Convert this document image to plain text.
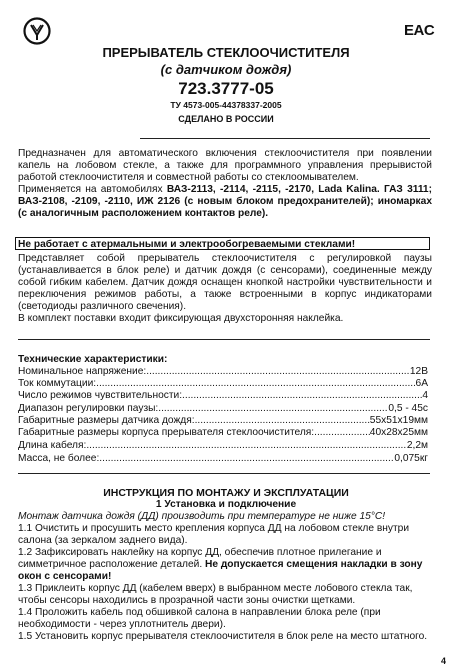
EAC
ПРЕРЫВАТЕЛЬ СТЕКЛООЧИСТИТЕЛЯ
(с датчиком дождя)
723.3777-05
ТУ 4573-005-44378337-2005
СДЕЛАНО В РОССИИ

Предназначен для автоматического включения стеклоочистителя при появлении капель на лобовом стекле, а также для программного управления прерывистой работой стеклоочистителя и совместной работы со стеклоомывателем.

Применяется на автомобилях ВАЗ-2113, -2114, -2115, -2170, Lada Kalina. ГАЗ 3111; ВАЗ-2108, -2109, -2110, ИЖ 2126 (с новым блоком предохранителей); иномарках (с аналогичным расположением контактов реле).

Не работает с атермальными и электрообогреваемыми стеклами!

Представляет собой прерыватель стеклоочистителя с регулировкой паузы (устанавливается в блок реле) и датчик дождя (с сенсорами), соединенные между собой гибким кабелем. Датчик дождя оснащен кнопкой настройки чувствительности и переключения режимов работы, а также встроенными в корпус индикаторами (светодиоды различного свечения).

В комплект поставки входит фиксирующая двухсторонняя наклейка.

Технические характеристики:
Номинальное напряжение: .....	12В
Ток коммутации: .....	6А
Число режимов чувствительности: .....	4
Диапазон регулировки паузы: .....	0,5 - 45с
Габаритные размеры датчика дождя: .....	55х51х19мм
Габаритные размеры корпуса прерывателя стеклоочистителя: .....	40х28х25мм
Длина кабеля: .....	2,2м
Масса, не более: .....	0,075кг
ИНСТРУКЦИЯ ПО МОНТАЖУ И ЭКСПЛУАТАЦИИ
1 Установка и подключение
Монтаж датчика дождя (ДД) производить при температуре не ниже 15°С!

1.1 Очистить и просушить место крепления корпуса ДД на лобовом стекле внутри салона (за зеркалом заднего вида).

1.2 Зафиксировать наклейку на корпус ДД, обеспечив плотное прилегание и симметричное расположение деталей. Не допускается смещения накладки в зону окон с сенсорами!

1.3 Приклеить корпус ДД (кабелем вверх) в выбранном месте лобового стекла так, чтобы сенсоры находились в прозрачной части зоны очистки щетками.

1.4 Проложить кабель под обшивкой салона в направлении блока реле (при необходимости - через уплотнитель двери).

1.5 Установить корпус прерывателя стеклоочистителя в блок реле на место штатного.

4
